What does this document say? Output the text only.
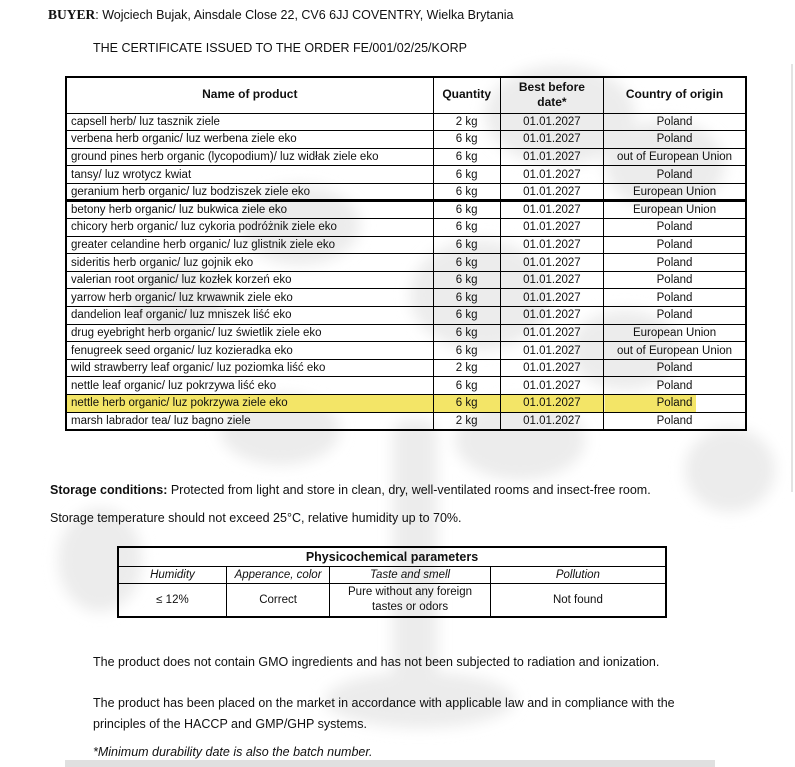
BUYER: Wojciech Bujak, Ainsdale Close 22, CV6 6JJ COVENTRY, Wielka Brytania
THE CERTIFICATE ISSUED TO THE ORDER FE/001/02/25/KORP
Name of product	Quantity	Best before date*	Country of origin
capsell herb/ luz tasznik ziele	2 kg	01.01.2027	Poland
verbena herb organic/ luz werbena ziele eko	6 kg	01.01.2027	Poland
ground pines herb organic (lycopodium)/ luz widłak ziele eko	6 kg	01.01.2027	out of European Union
tansy/ luz wrotycz kwiat	6 kg	01.01.2027	Poland
geranium herb organic/ luz bodziszek ziele eko	6 kg	01.01.2027	European Union
betony herb organic/ luz bukwica ziele eko	6 kg	01.01.2027	European Union
chicory herb organic/ luz cykoria podróżnik ziele eko	6 kg	01.01.2027	Poland
greater celandine herb organic/ luz glistnik ziele eko	6 kg	01.01.2027	Poland
sideritis herb organic/ luz gojnik eko	6 kg	01.01.2027	Poland
valerian root organic/ luz kozłek korzeń eko	6 kg	01.01.2027	Poland
yarrow herb organic/ luz krwawnik ziele eko	6 kg	01.01.2027	Poland
dandelion leaf organic/ luz mniszek liść eko	6 kg	01.01.2027	Poland
drug eyebright herb organic/ luz świetlik ziele eko	6 kg	01.01.2027	European Union
fenugreek seed organic/ luz kozieradka eko	6 kg	01.01.2027	out of European Union
wild strawberry leaf organic/ luz poziomka liść eko	2 kg	01.01.2027	Poland
nettle leaf organic/ luz pokrzywa liść eko	6 kg	01.01.2027	Poland
nettle herb organic/ luz pokrzywa ziele eko	6 kg	01.01.2027	Poland
marsh labrador tea/ luz bagno ziele	2 kg	01.01.2027	Poland
Storage conditions: Protected from light and store in clean, dry, well-ventilated rooms and insect-free room.
Storage temperature should not exceed 25°C, relative humidity up to 70%.
Physicochemical parameters			
Humidity	Apperance, color	Taste and smell	Pollution
≤ 12%	Correct	Pure without any foreign tastes or odors	Not found
The product does not contain GMO ingredients and has not been subjected to radiation and ionization.
The product has been placed on the market in accordance with applicable law and in compliance with the principles of the HACCP and GMP/GHP systems.
*Minimum durability date is also the batch number.
